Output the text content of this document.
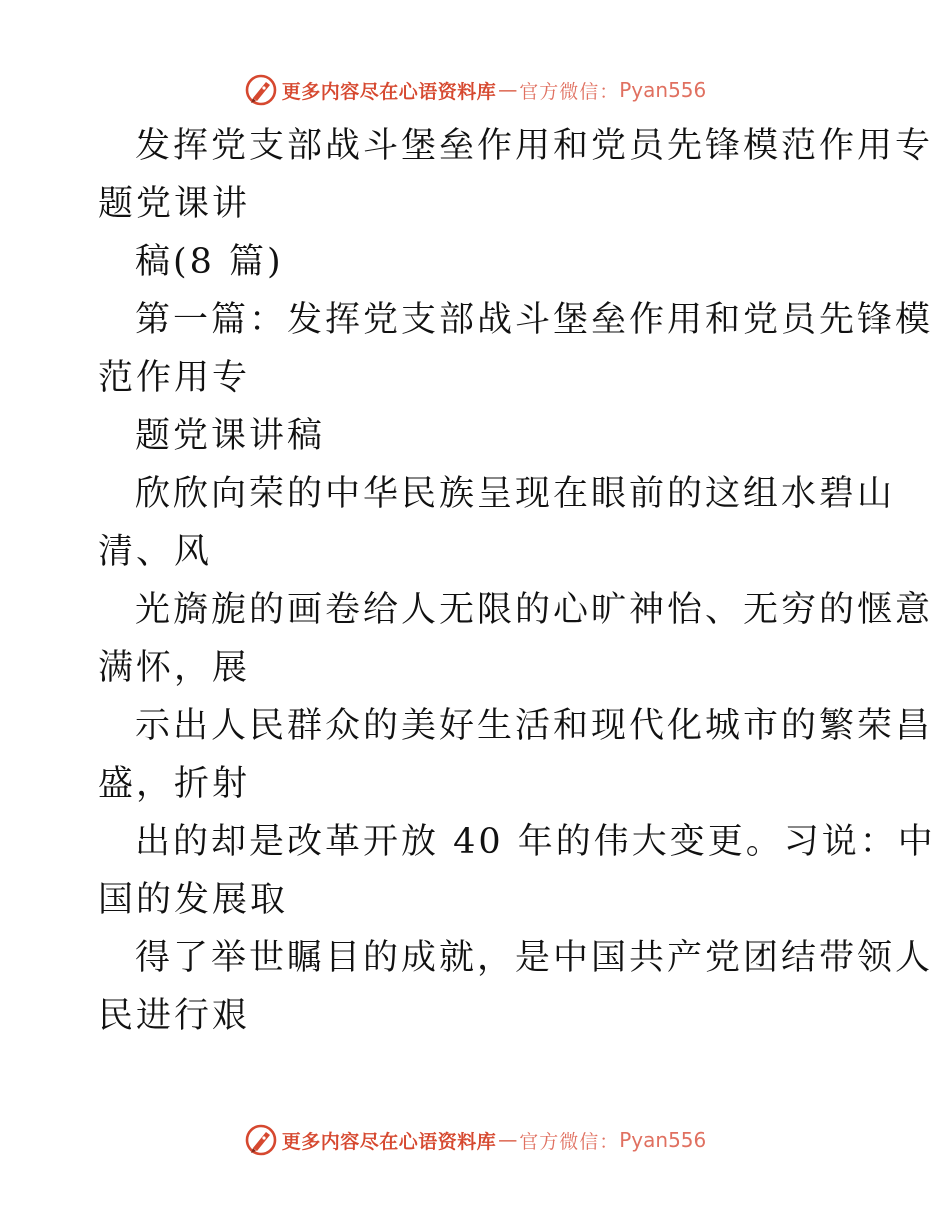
更多内容尽在心语资料库 — 官方微信： Pyan556
发挥党支部战斗堡垒作用和党员先锋模范作用专
题党课讲
稿(8 篇)
第一篇：发挥党支部战斗堡垒作用和党员先锋模
范作用专
题党课讲稿
欣欣向荣的中华民族呈现在眼前的这组水碧山
清、风
光旖旎的画卷给人无限的心旷神怡、无穷的惬意
满怀，展
示出人民群众的美好生活和现代化城市的繁荣昌
盛，折射
出的却是改革开放 40 年的伟大变更。习说：中
国的发展取
得了举世瞩目的成就，是中国共产党团结带领人
民进行艰
更多内容尽在心语资料库 — 官方微信： Pyan556
